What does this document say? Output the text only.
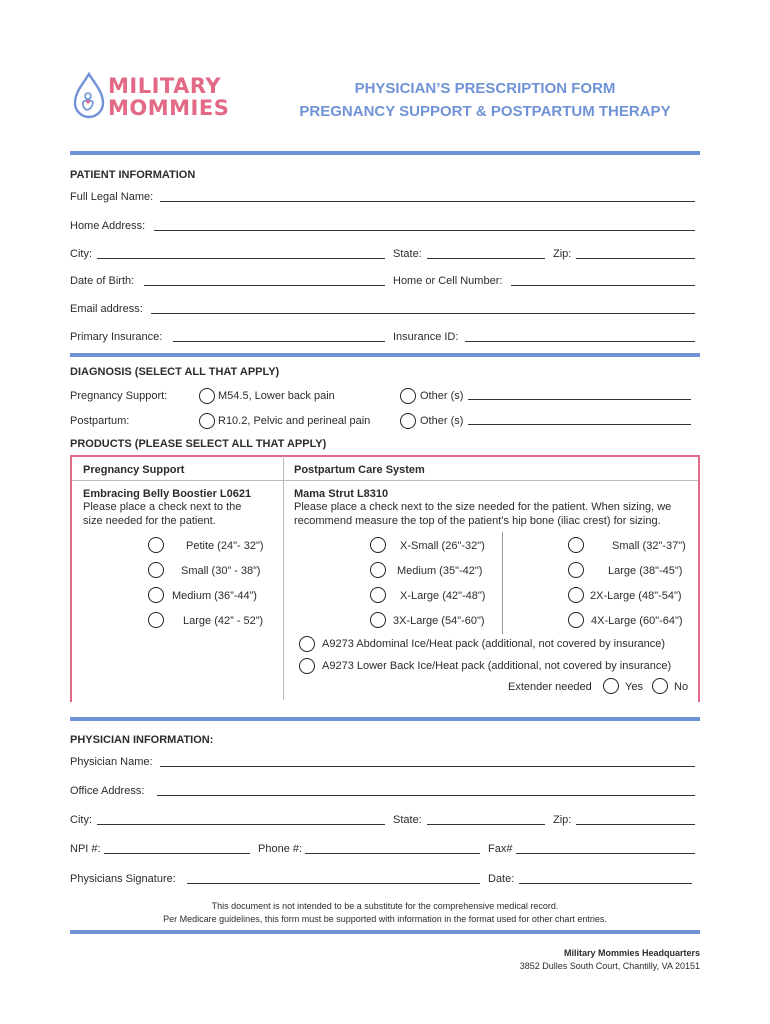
MILITARY
MOMMIES
PHYSICIAN’S PRESCRIPTION FORM
PREGNANCY SUPPORT & POSTPARTUM THERAPY
PATIENT INFORMATION
Full Legal Name:
Home Address:
City:	State:	Zip:
Date of Birth:	Home or Cell Number:
Email address:
Primary Insurance:	Insurance ID:
DIAGNOSIS (SELECT ALL THAT APPLY)
Pregnancy Support:	M54.5, Lower back pain	Other (s)
Postpartum:	R10.2, Pelvic and perineal pain	Other (s)
PRODUCTS (PLEASE SELECT ALL THAT APPLY)
Pregnancy Support	Postpartum Care System
Embracing Belly Boostier L0621
Please place a check next to the
size needed for the patient.
Mama Strut L8310
Please place a check next to the size needed for the patient. When sizing, we
recommend measure the top of the patient’s hip bone (iliac crest) for sizing.
Petite (24"- 32")	X-Small (26"-32")	Small (32"-37")
Small (30” - 38”)	Medium (35"-42")	Large (38"-45")
Medium (36”-44”)	X-Large (42"-48")	2X-Large (48"-54")
Large (42” - 52”)	3X-Large (54"-60")	4X-Large (60"-64")
A9273 Abdominal Ice/Heat pack (additional, not covered by insurance)
A9273 Lower Back Ice/Heat pack (additional, not covered by insurance)
Extender needed	Yes	No
PHYSICIAN INFORMATION:
Physician Name:
Office Address:
City:	State:	Zip:
NPI #:	Phone #:	Fax#
Physicians Signature:	Date:
This document is not intended to be a substitute for the comprehensive medical record.
Per Medicare guidelines, this form must be supported with information in the format used for other chart entries.
Military Mommies Headquarters
3852 Dulles South Court, Chantilly, VA 20151
